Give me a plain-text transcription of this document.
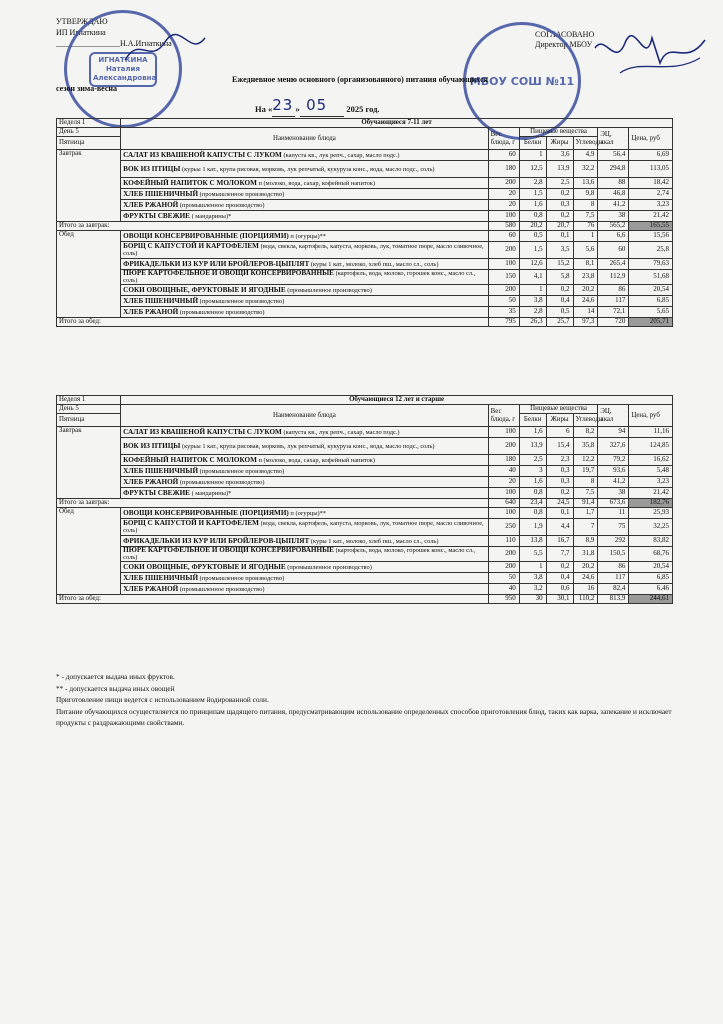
УТВЕРЖДАЮ
ИП Игнаткина
________________Н.А.Игнаткина
ИГНАТКИНА Наталия Александровна
СОГЛАСОВАНО
Директор МБОУ
МБОУ СОШ №11
Ежедневное меню основного (организованного) питания обучающихся
сезон зима-весна
На «23 » 05 2025 год.
Неделя 1	Обучающиеся 7-11 лет						
День 5	Наименование блюда	Вес блюда, г	Пищевые вещества			ЭЦ, ккал	Цена, руб
Пятница			Белки	Жиры	Углеводы		

Завтрак	САЛАТ ИЗ КВАШЕНОЙ КАПУСТЫ С ЛУКОМ (капуста кв., лук репч., сахар, масло подс.)	60	1	3,6	4,9	56,4	6,69
	ВОК ИЗ ПТИЦЫ (курьы 1 кат., крупа рисовая, морковь, лук репчатый, кукуруза конс., вода, масло подс., соль)	180	12,5	13,9	32,2	294,8	113,05
	КОФЕЙНЫЙ НАПИТОК С МОЛОКОМ п (молоко, вода, сахар, кофейный напиток)	200	2,8	2,5	13,6	88	18,42
	ХЛЕБ ПШЕНИЧНЫЙ (промышленное производство)	20	1,5	0,2	9,8	46,8	2,74
	ХЛЕБ РЖАНОЙ (промышленное производство)	20	1,6	0,3	8	41,2	3,23
	ФРУКТЫ СВЕЖИЕ ( мандарины)*	100	0,8	0,2	7,5	38	21,42
Итого за завтрак:		580	20,2	20,7	76	565,2	165,55
Обед	ОВОЩИ КОНСЕРВИРОВАННЫЕ (ПОРЦИЯМИ) п (огурцы)**	60	0,5	0,1	1	6,6	15,56
	БОРЩ С КАПУСТОЙ И КАРТОФЕЛЕМ (вода, свекла, картофель, капуста, морковь, лук, томатное пюре, масло сливочное, соль)	200	1,5	3,5	5,6	60	25,8
	ФРИКАДЕЛЬКИ ИЗ КУР ИЛИ БРОЙЛЕРОВ-ЦЫПЛЯТ (куры 1 кат., молоко, хлеб пш., масло сл., соль)	100	12,6	15,2	8,1	265,4	79,63
	ПЮРЕ КАРТОФЕЛЬНОЕ И ОВОЩИ КОНСЕРВИРОВАННЫЕ (картофель, вода, молоко, горошек конс., масло сл., соль)	150	4,1	5,8	23,8	112,9	51,68
	СОКИ ОВОЩНЫЕ, ФРУКТОВЫЕ И ЯГОДНЫЕ (промышленное производство)	200	1	0,2	20,2	86	20,54
	ХЛЕБ ПШЕНИЧНЫЙ (промышленное производство)	50	3,8	0,4	24,6	117	6,85
	ХЛЕБ РЖАНОЙ (промышленное производство)	35	2,8	0,5	14	72,1	5,65
Итого за обед:		795	26,3	25,7	97,3	720	205,71
Неделя 1	Обучающиеся 12 лет и старше						
День 5	Наименование блюда	Вес блюда, г	Пищевые вещества			ЭЦ, ккал	Цена, руб
Пятница			Белки	Жиры	Углеводы		

Завтрак	САЛАТ ИЗ КВАШЕНОЙ КАПУСТЫ С ЛУКОМ (капуста кв., лук репч., сахар, масло подс.)	100	1,6	6	8,2	94	11,16
	ВОК ИЗ ПТИЦЫ (курьы 1 кат., крупа рисовая, морковь, лук репчатый, кукуруза конс., вода, масло подс., соль)	200	13,9	15,4	35,8	327,6	124,85
	КОФЕЙНЫЙ НАПИТОК С МОЛОКОМ п (молоко, вода, сахар, кофейный напиток)	180	2,5	2,3	12,2	79,2	16,62
	ХЛЕБ ПШЕНИЧНЫЙ (промышленное производство)	40	3	0,3	19,7	93,6	5,48
	ХЛЕБ РЖАНОЙ (промышленное производство)	20	1,6	0,3	8	41,2	3,23
	ФРУКТЫ СВЕЖИЕ ( мандарины)*	100	0,8	0,2	7,5	38	21,42
Итого за завтрак:		640	23,4	24,5	91,4	673,6	182,76
Обед	ОВОЩИ КОНСЕРВИРОВАННЫЕ (ПОРЦИЯМИ) п (огурцы)**	100	0,8	0,1	1,7	11	25,93
	БОРЩ С КАПУСТОЙ И КАРТОФЕЛЕМ (вода, свекла, картофель, капуста, морковь, лук, томатное пюре, масло сливочное, соль)	250	1,9	4,4	7	75	32,25
	ФРИКАДЕЛЬКИ ИЗ КУР ИЛИ БРОЙЛЕРОВ-ЦЫПЛЯТ (куры 1 кат., молоко, хлеб пш., масло сл., соль)	110	13,8	16,7	8,9	292	83,82
	ПЮРЕ КАРТОФЕЛЬНОЕ И ОВОЩИ КОНСЕРВИРОВАННЫЕ (картофель, вода, молоко, горошек конс., масло сл., соль)	200	5,5	7,7	31,8	150,5	68,76
	СОКИ ОВОЩНЫЕ, ФРУКТОВЫЕ И ЯГОДНЫЕ (промышленное производство)	200	1	0,2	20,2	86	20,54
	ХЛЕБ ПШЕНИЧНЫЙ (промышленное производство)	50	3,8	0,4	24,6	117	6,85
	ХЛЕБ РЖАНОЙ (промышленное производство)	40	3,2	0,6	16	82,4	6,46
Итого за обед:		950	30	30,1	110,2	813,9	244,61

* - допускается выдача иных фруктов.

** - допускается выдача иных овощей

Приготовление пищи ведется с использованием йодированной соли.

Питание обучающихся осуществляется по принципам щадящего питания, предусматривающим использование определенных способов приготовления блюд, таких как варка, запекание и исключает продукты с раздражающими свойствами.
